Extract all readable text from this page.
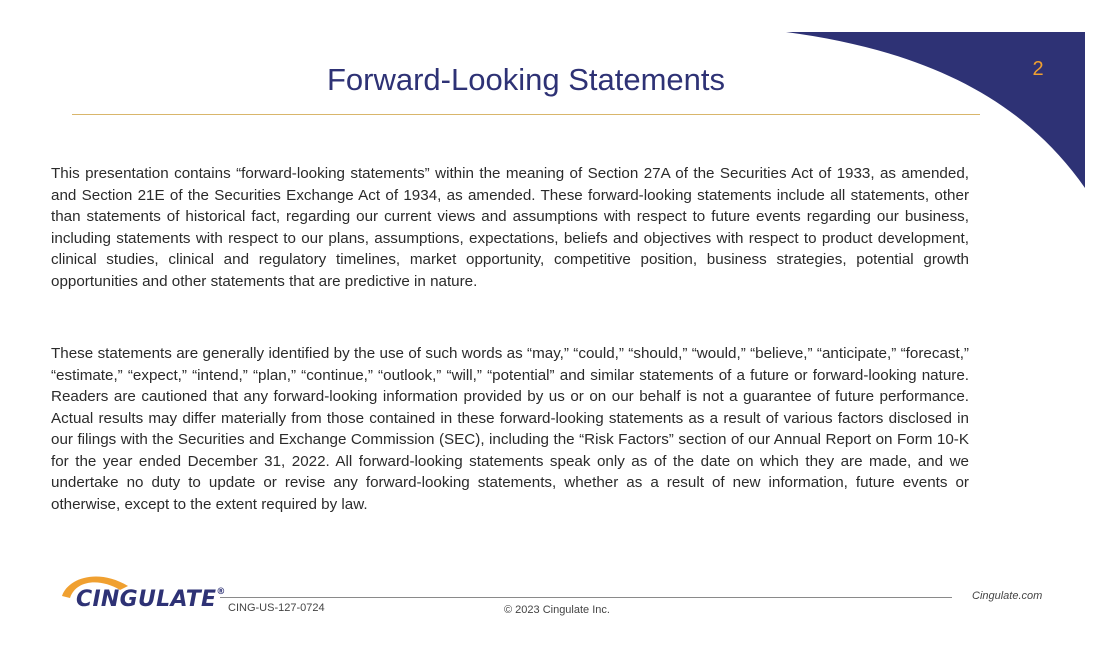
2
Forward-Looking Statements

This presentation contains “forward-looking statements” within the meaning of Section 27A of the Securities Act of 1933, as amended, and Section 21E of the Securities Exchange Act of 1934, as amended. These forward-looking statements include all statements, other than statements of historical fact, regarding our current views and assumptions with respect to future events regarding our business, including statements with respect to our plans, assumptions, expectations, beliefs and objectives with respect to product development, clinical studies, clinical and regulatory timelines, market opportunity, competitive position, business strategies, potential growth opportunities and other statements that are predictive in nature.

These statements are generally identified by the use of such words as “may,” “could,” “should,” “would,” “believe,” “anticipate,” “forecast,” “estimate,” “expect,” “intend,” “plan,” “continue,” “outlook,” “will,” “potential” and similar statements of a future or forward-looking nature. Readers are cautioned that any forward-looking information provided by us or on our behalf is not a guarantee of future performance. Actual results may differ materially from those contained in these forward-looking statements as a result of various factors disclosed in our filings with the Securities and Exchange Commission (SEC), including the “Risk Factors” section of our Annual Report on Form 10-K for the year ended December 31, 2022. All forward-looking statements speak only as of the date on which they are made, and we undertake no duty to update or revise any forward-looking statements, whether as a result of new information, future events or otherwise, except to the extent required by law.

CINGULATE®
CING-US-127-0724	© 2023 Cingulate Inc.
Cingulate.com
